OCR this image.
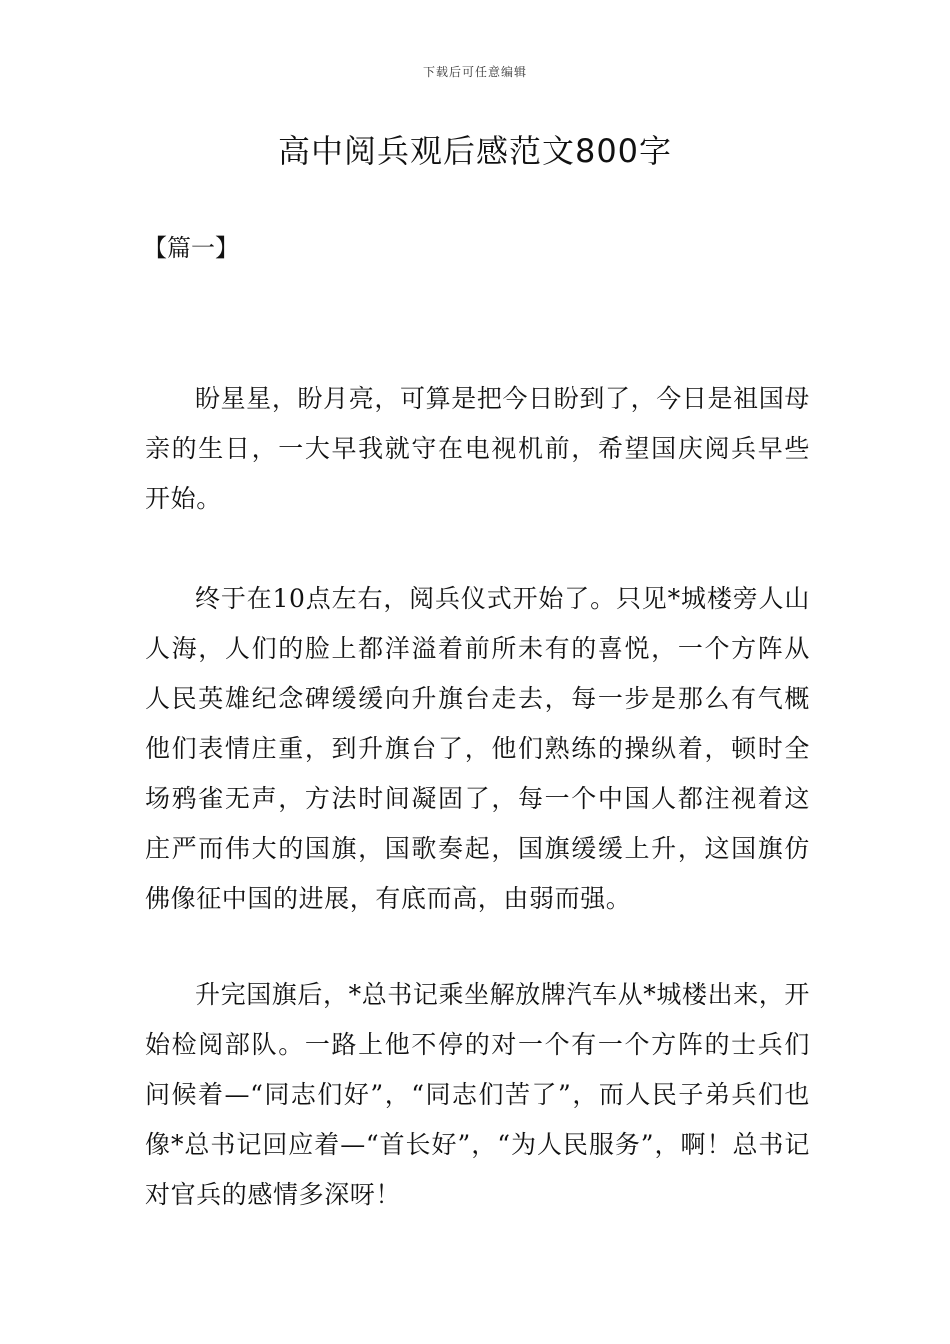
下载后可任意编辑
高中阅兵观后感范文800字
【篇一】

盼星星，盼月亮，可算是把今日盼到了，今日是祖国母亲的生日，一大早我就守在电视机前，希望国庆阅兵早些开始。

终于在10点左右，阅兵仪式开始了。只见*城楼旁人山人海，人们的脸上都洋溢着前所未有的喜悦，一个方阵从人民英雄纪念碑缓缓向升旗台走去，每一步是那么有气概他们表情庄重，到升旗台了，他们熟练的操纵着，顿时全场鸦雀无声，方法时间凝固了，每一个中国人都注视着这庄严而伟大的国旗，国歌奏起，国旗缓缓上升，这国旗仿佛像征中国的进展，有底而高，由弱而强。

升完国旗后，*总书记乘坐解放牌汽车从*城楼出来，开始检阅部队。一路上他不停的对一个有一个方阵的士兵们问候着—“同志们好”，“同志们苦了”，而人民子弟兵们也像*总书记回应着—“首长好”，“为人民服务”，啊！总书记对官兵的感情多深呀！
